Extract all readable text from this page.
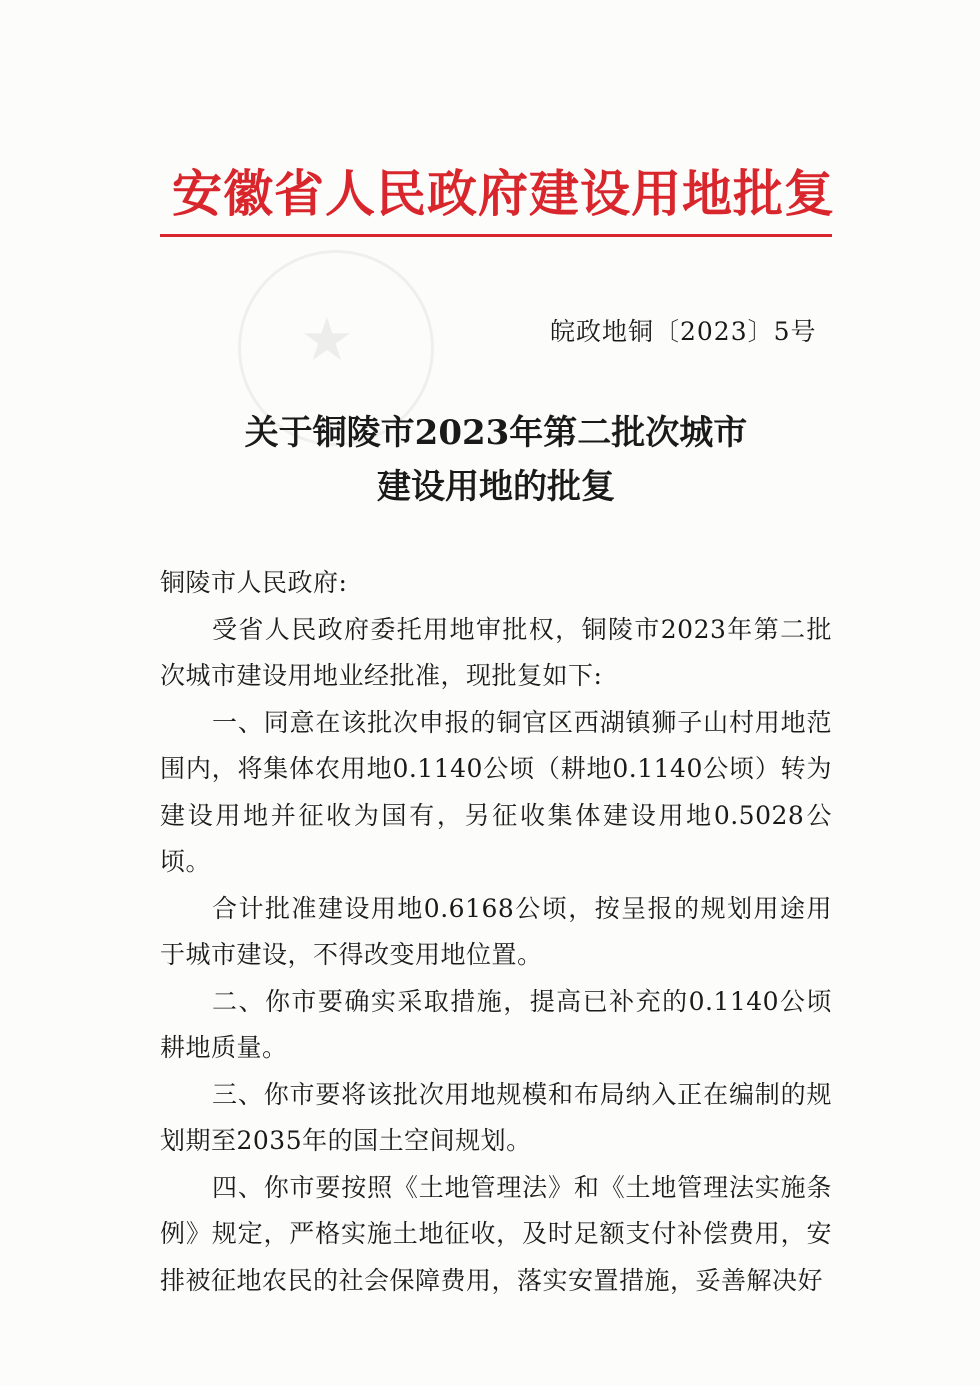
★
安徽省人民政府建设用地批复
皖政地铜〔2023〕5号
关于铜陵市2023年第二批次城市
建设用地的批复

铜陵市人民政府:

受省人民政府委托用地审批权，铜陵市2023年第二批次城市建设用地业经批准，现批复如下:

一、同意在该批次申报的铜官区西湖镇狮子山村用地范围内，将集体农用地0.1140公顷（耕地0.1140公顷）转为建设用地并征收为国有，另征收集体建设用地0.5028公顷。

合计批准建设用地0.6168公顷，按呈报的规划用途用于城市建设，不得改变用地位置。

二、你市要确实采取措施，提高已补充的0.1140公顷耕地质量。

三、你市要将该批次用地规模和布局纳入正在编制的规划期至2035年的国土空间规划。

四、你市要按照《土地管理法》和《土地管理法实施条例》规定，严格实施土地征收，及时足额支付补偿费用，安排被征地农民的社会保障费用，落实安置措施，妥善解决好
